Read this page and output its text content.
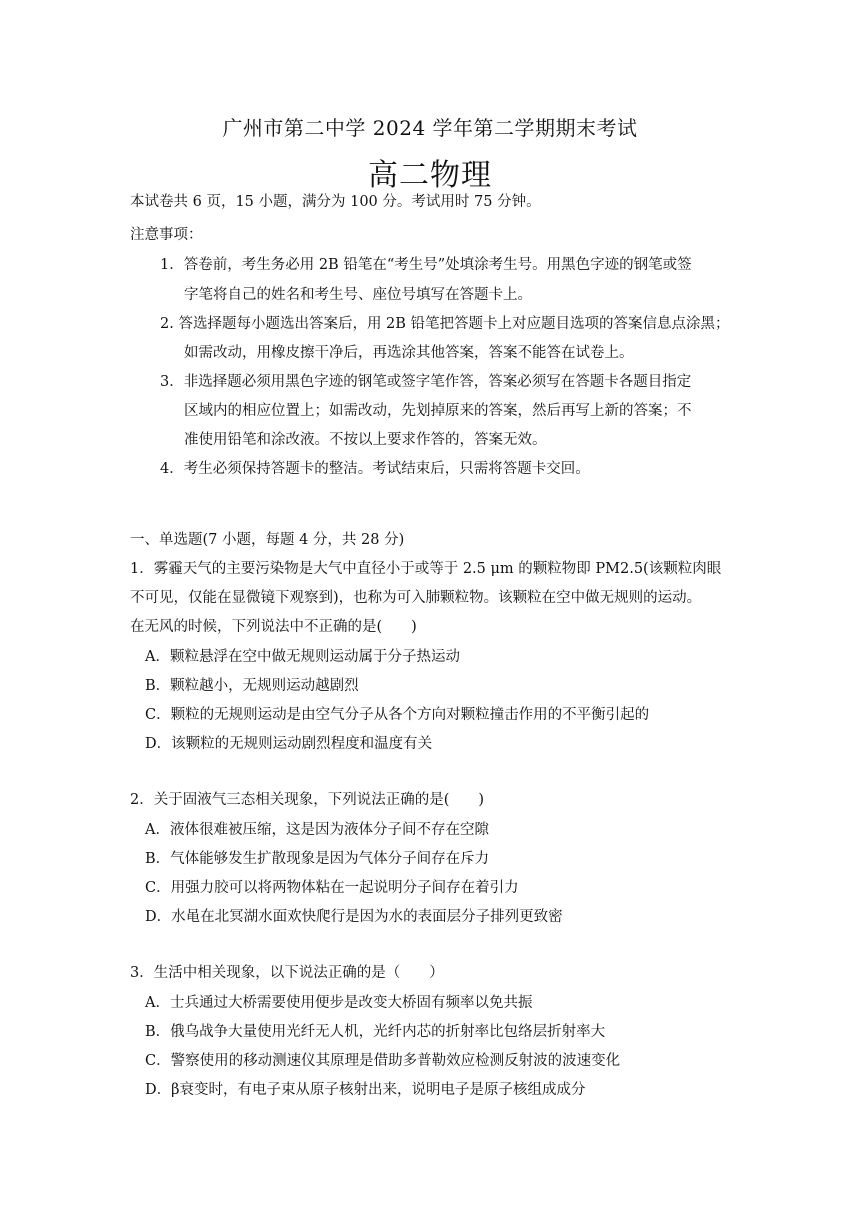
广州市第二中学 2024 学年第二学期期末考试
高二物理
本试卷共 6 页，15 小题，满分为 100 分。考试用时 75 分钟。
注意事项：
1．答卷前，考生务必用 2B 铅笔在“考生号”处填涂考生号。用黑色字迹的钢笔或签
字笔将自己的姓名和考生号、座位号填写在答题卡上。
2. 答选择题每小题选出答案后，用 2B 铅笔把答题卡上对应题目选项的答案信息点涂黑；
如需改动，用橡皮擦干净后，再选涂其他答案，答案不能答在试卷上。
3．非选择题必须用黑色字迹的钢笔或签字笔作答，答案必须写在答题卡各题目指定
区域内的相应位置上；如需改动，先划掉原来的答案，然后再写上新的答案；不
准使用铅笔和涂改液。不按以上要求作答的，答案无效。
4．考生必须保持答题卡的整洁。考试结束后，只需将答题卡交回。
一、单选题(7 小题，每题 4 分，共 28 分)
1．雾霾天气的主要污染物是大气中直径小于或等于 2.5 μm 的颗粒物即 PM2.5(该颗粒肉眼
不可见，仅能在显微镜下观察到)，也称为可入肺颗粒物。该颗粒在空中做无规则的运动。
在无风的时候，下列说法中不正确的是(　　)
A．颗粒悬浮在空中做无规则运动属于分子热运动
B．颗粒越小，无规则运动越剧烈
C．颗粒的无规则运动是由空气分子从各个方向对颗粒撞击作用的不平衡引起的
D．该颗粒的无规则运动剧烈程度和温度有关
2．关于固液气三态相关现象，下列说法正确的是(　　)
A．液体很难被压缩，这是因为液体分子间不存在空隙
B．气体能够发生扩散现象是因为气体分子间存在斥力
C．用强力胶可以将两物体粘在一起说明分子间存在着引力
D．水黾在北冥湖水面欢快爬行是因为水的表面层分子排列更致密
3．生活中相关现象，以下说法正确的是（　　）
A．士兵通过大桥需要使用便步是改变大桥固有频率以免共振
B．俄乌战争大量使用光纤无人机，光纤内芯的折射率比包络层折射率大
C．警察使用的移动测速仪其原理是借助多普勒效应检测反射波的波速变化
D．β衰变时，有电子束从原子核射出来，说明电子是原子核组成成分
